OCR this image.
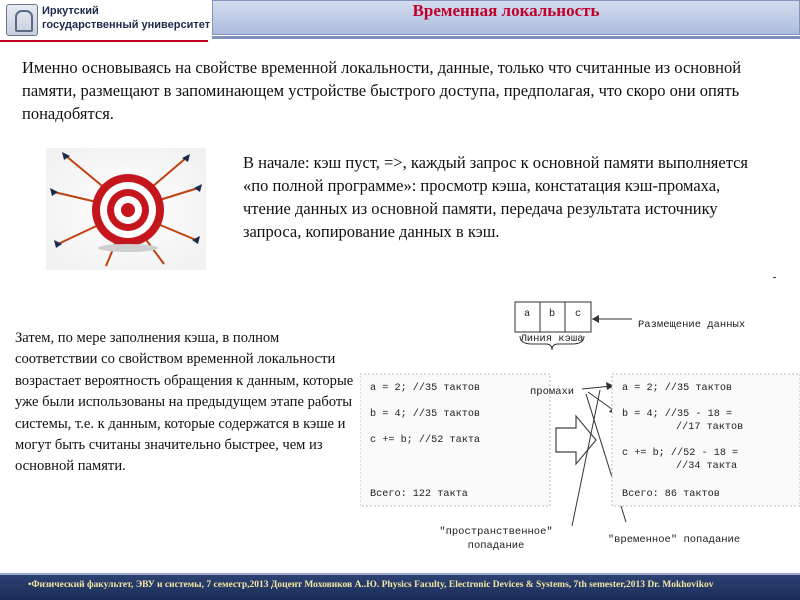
Иркутский
государственный университет
Временная локальность
Именно основываясь на свойстве временной локальности, данные, только что считанные из основной памяти, размещают в запоминающем устройстве быстрого доступа, предполагая, что скоро они опять понадобятся.
В начале: кэш пуст, =>, каждый запрос к основной памяти выполняется «по полной программе»: просмотр кэша, констатация кэш-промаха, чтение данных из основной памяти, передача результата источнику запроса, копирование данных в кэш.
Затем, по мере заполнения кэша, в полном соответствии со свойством временной локальности возрастает вероятность обращения к данным, которые уже были использованы на предыдущем этапе работы системы, т.е. к данным, которые содержатся в кэше и могут быть считаны значительно быстрее, чем из основной памяти.
a b c
Размещение данных
Линия кэша
a = 2; //35 тактов
b = 4; //35 тактов
c += b; //52 такта
Всего: 122 такта
промахи	a = 2; //35 тактов
b = 4; //35 - 18 =
//17 тактов
c += b; //52 - 18 =
//34 такта
Всего: 86 тактов
"пространственное"
попадание	"временное" попадание
•Физический факультет, ЭВУ и системы, 7 семестр,2013 Доцент Моховиков А..Ю. Physics Faculty, Electronic Devices & Systems, 7th semester,2013 Dr. Mokhovikov
